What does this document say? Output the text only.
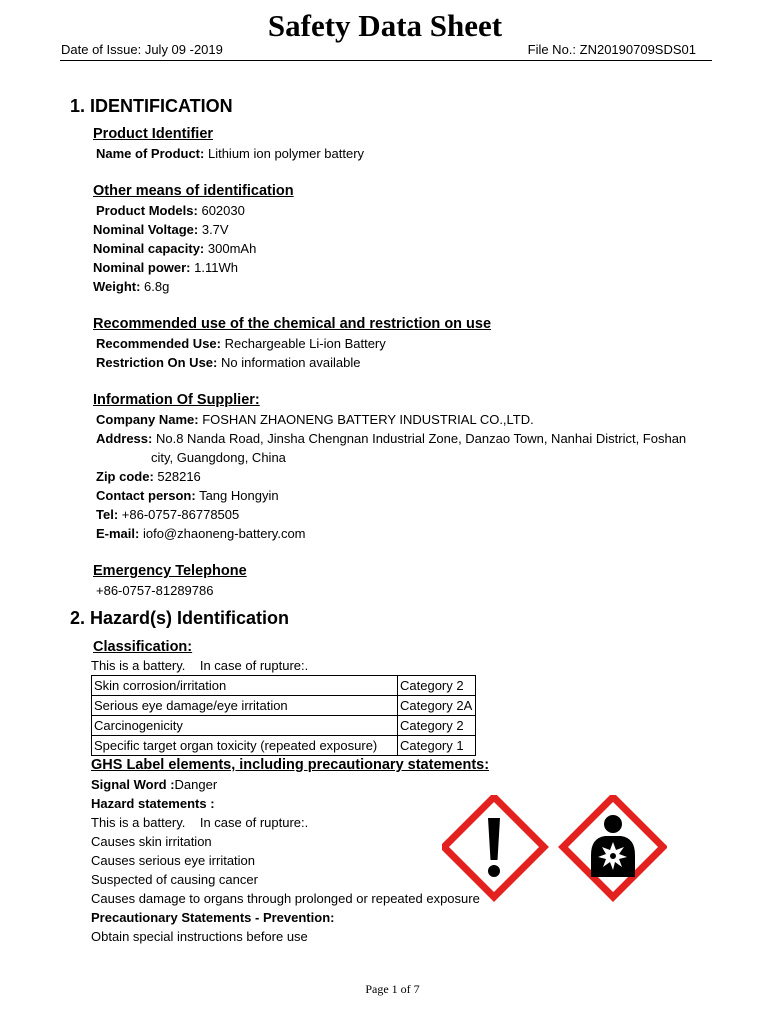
Safety Data Sheet
Date of Issue: July 09 -2019	File No.: ZN20190709SDS01
1. IDENTIFICATION
Product Identifier
Name of Product: Lithium ion polymer battery
Other means of identification
Product Models: 602030
Nominal Voltage: 3.7V
Nominal capacity: 300mAh
Nominal power: 1.11Wh
Weight: 6.8g
Recommended use of the chemical and restriction on use
Recommended Use: Rechargeable Li-ion Battery
Restriction On Use: No information available
Information Of Supplier:
Company Name: FOSHAN ZHAONENG BATTERY INDUSTRIAL CO.,LTD.
Address: No.8 Nanda Road, Jinsha Chengnan Industrial Zone, Danzao Town, Nanhai District, Foshan
city, Guangdong, China
Zip code: 528216
Contact person: Tang Hongyin
Tel: +86-0757-86778505
E-mail: iofo@zhaoneng-battery.com
Emergency Telephone
+86-0757-81289786
2. Hazard(s) Identification
Classification:
This is a battery.    In case of rupture:.
Skin corrosion/irritation	Category 2
Serious eye damage/eye irritation	Category 2A
Carcinogenicity	Category 2
Specific target organ toxicity (repeated exposure)	Category 1
GHS Label elements, including precautionary statements:
Signal Word :Danger
Hazard statements :
This is a battery.    In case of rupture:.
Causes skin irritation
Causes serious eye irritation
Suspected of causing cancer
Causes damage to organs through prolonged or repeated exposure
Precautionary Statements - Prevention:
Obtain special instructions before use
Page 1 of 7
